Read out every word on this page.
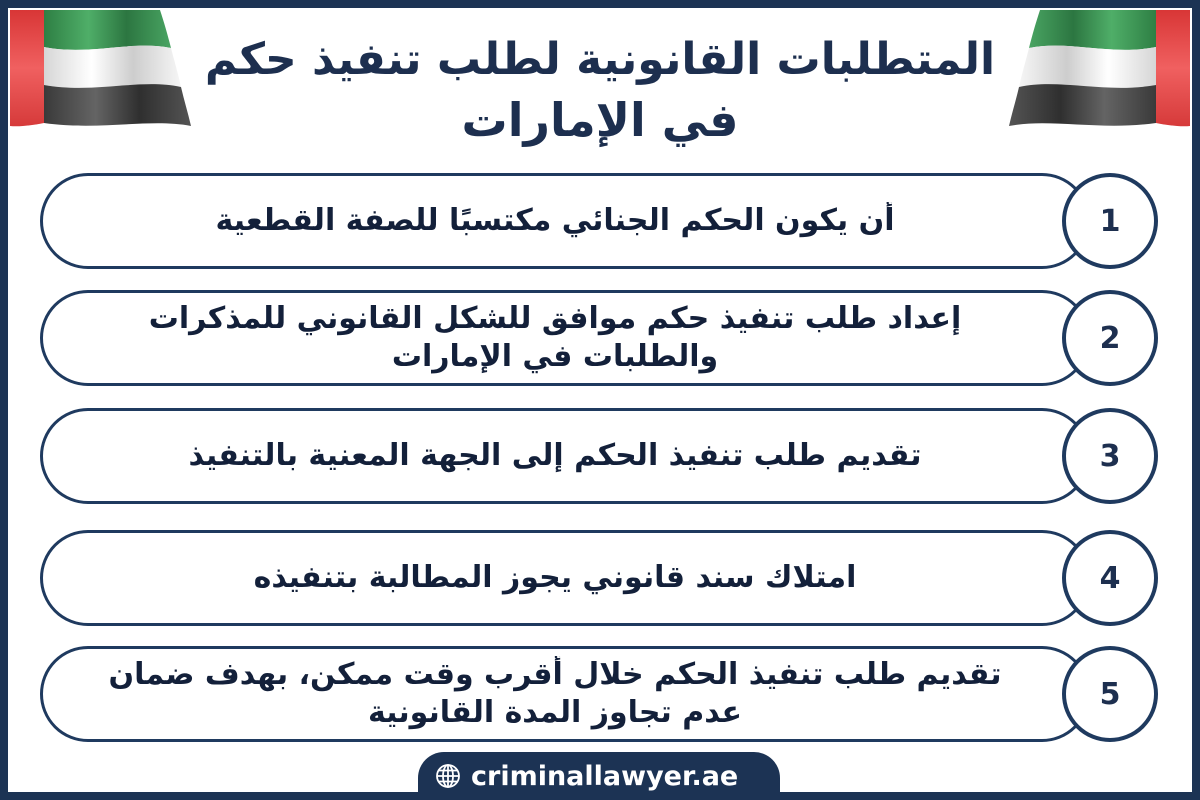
المتطلبات القانونية لطلب تنفيذ حكم
في الإمارات
أن يكون الحكم الجنائي مكتسبًا للصفة القطعية	1
إعداد طلب تنفيذ حكم موافق للشكل القانوني للمذكرات
والطلبات في الإمارات
2
تقديم طلب تنفيذ الحكم إلى الجهة المعنية بالتنفيذ	3
امتلاك سند قانوني يجوز المطالبة بتنفيذه	4
تقديم طلب تنفيذ الحكم خلال أقرب وقت ممكن، بهدف ضمان
عدم تجاوز المدة القانونية
5
criminallawyer.ae
